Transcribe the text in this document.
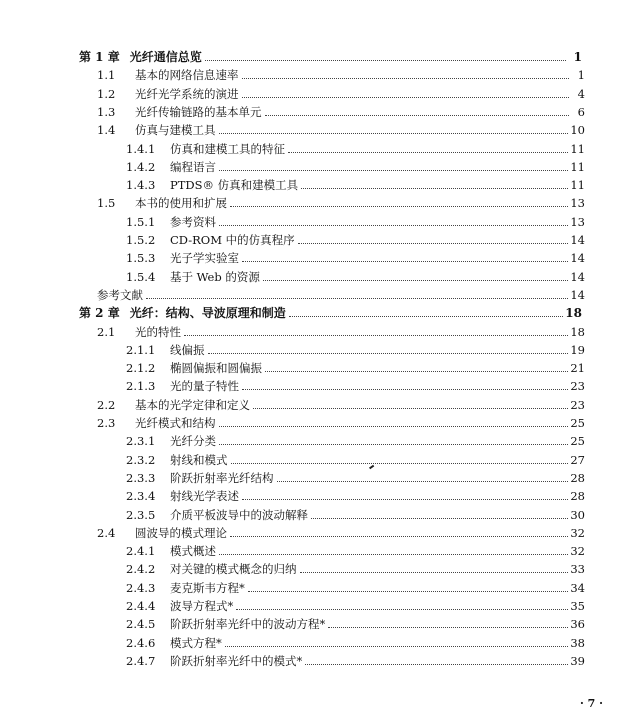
第 1 章 光纤通信总览	1
1.1	基本的网络信息速率	1
1.2	光纤光学系统的演进	4
1.3	光纤传输链路的基本单元	6
1.4	仿真与建模工具	10
1.4.1	仿真和建模工具的特征	11
1.4.2	编程语言	11
1.4.3	PTDS® 仿真和建模工具	11
1.5	本书的使用和扩展	13
1.5.1	参考资料	13
1.5.2	CD-ROM 中的仿真程序	14
1.5.3	光子学实验室	14
1.5.4	基于 Web 的资源	14
参考文献	14
第 2 章 光纤：结构、导波原理和制造	18
2.1	光的特性	18
2.1.1	线偏振	19
2.1.2	椭圆偏振和圆偏振	21
2.1.3	光的量子特性	23
2.2	基本的光学定律和定义	23
2.3	光纤模式和结构	25
2.3.1	光纤分类	25
2.3.2	射线和模式	27
2.3.3	阶跃折射率光纤结构	28
2.3.4	射线光学表述	28
2.3.5	介质平板波导中的波动解释	30
2.4	圆波导的模式理论	32
2.4.1	模式概述	32
2.4.2	对关键的模式概念的归纳	33
2.4.3	麦克斯韦方程*	34
2.4.4	波导方程式*	35
2.4.5	阶跃折射率光纤中的波动方程*	36
2.4.6	模式方程*	38
2.4.7	阶跃折射率光纤中的模式*	39
· 7 ·
